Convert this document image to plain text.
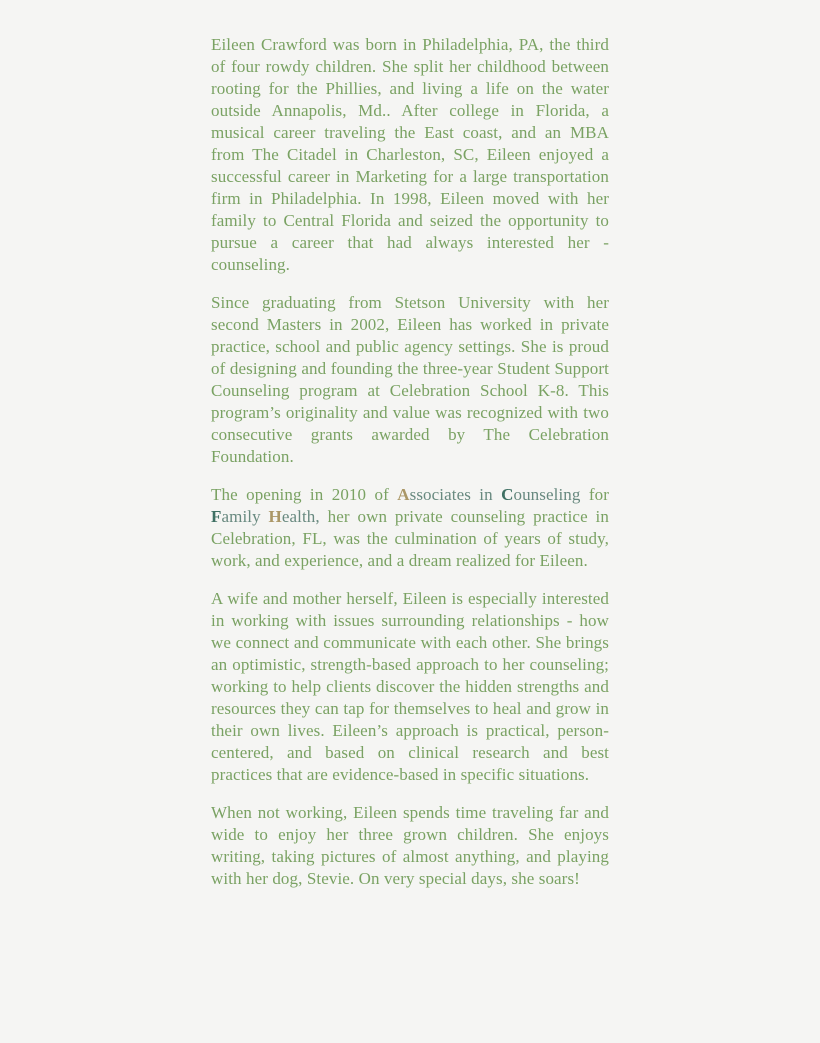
Eileen Crawford was born in Philadelphia, PA, the third of four rowdy children. She split her childhood between rooting for the Phillies, and living a life on the water outside Annapolis, Md.. After college in Florida, a musical career traveling the East coast, and an MBA from The Citadel in Charleston, SC, Eileen enjoyed a successful career in Marketing for a large transportation firm in Philadelphia. In 1998, Eileen moved with her family to Central Florida and seized the opportunity to pursue a career that had always interested her - counseling.

Since graduating from Stetson University with her second Masters in 2002, Eileen has worked in private practice, school and public agency settings. She is proud of designing and founding the three-year Student Support Counseling program at Celebration School K-8. This program’s originality and value was recognized with two consecutive grants awarded by The Celebration Foundation.

The opening in 2010 of Associates in Counseling for Family Health, her own private counseling practice in Celebration, FL, was the culmination of years of study, work, and experience, and a dream realized for Eileen.

A wife and mother herself, Eileen is especially interested in working with issues surrounding relationships - how we connect and communicate with each other. She brings an optimistic, strength-based approach to her counseling; working to help clients discover the hidden strengths and resources they can tap for themselves to heal and grow in their own lives. Eileen’s approach is practical, person-centered, and based on clinical research and best practices that are evidence-based in specific situations.

When not working, Eileen spends time traveling far and wide to enjoy her three grown children. She enjoys writing, taking pictures of almost anything, and playing with her dog, Stevie. On very special days, she soars!
